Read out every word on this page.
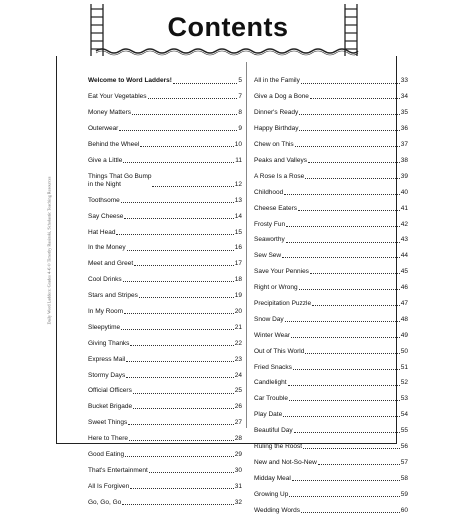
Daily Word Ladders: Grades 4–6 © Timothy Rasinski, Scholastic Teaching Resources
Contents
Welcome to Word Ladders!	5
Eat Your Vegetables	7
Money Matters	8
Outerwear	9
Behind the Wheel	10
Give a Little	11
Things That Go Bump
in the Night	12
Toothsome	13
Say Cheese	14
Hat Head	15
In the Money	16
Meet and Greet	17
Cool Drinks	18
Stars and Stripes	19
In My Room	20
Sleepytime	21
Giving Thanks	22
Express Mail	23
Stormy Days	24
Official Officers	25
Bucket Brigade	26
Sweet Things	27
Here to There	28
Good Eating	29
That's Entertainment	30
All Is Forgiven	31
Go, Go, Go	32
All in the Family	33
Give a Dog a Bone	34
Dinner's Ready	35
Happy Birthday	36
Chew on This	37
Peaks and Valleys	38
A Rose Is a Rose	39
Childhood	40
Cheese Eaters	41
Frosty Fun	42
Seaworthy	43
Sew Sew	44
Save Your Pennies	45
Right or Wrong	46
Precipitation Puzzle	47
Snow Day	48
Winter Wear	49
Out of This World	50
Fried Snacks	51
Candlelight	52
Car Trouble	53
Play Date	54
Beautiful Day	55
Ruling the Roost	56
New and Not-So-New	57
Midday Meal	58
Growing Up	59
Wedding Words	60
